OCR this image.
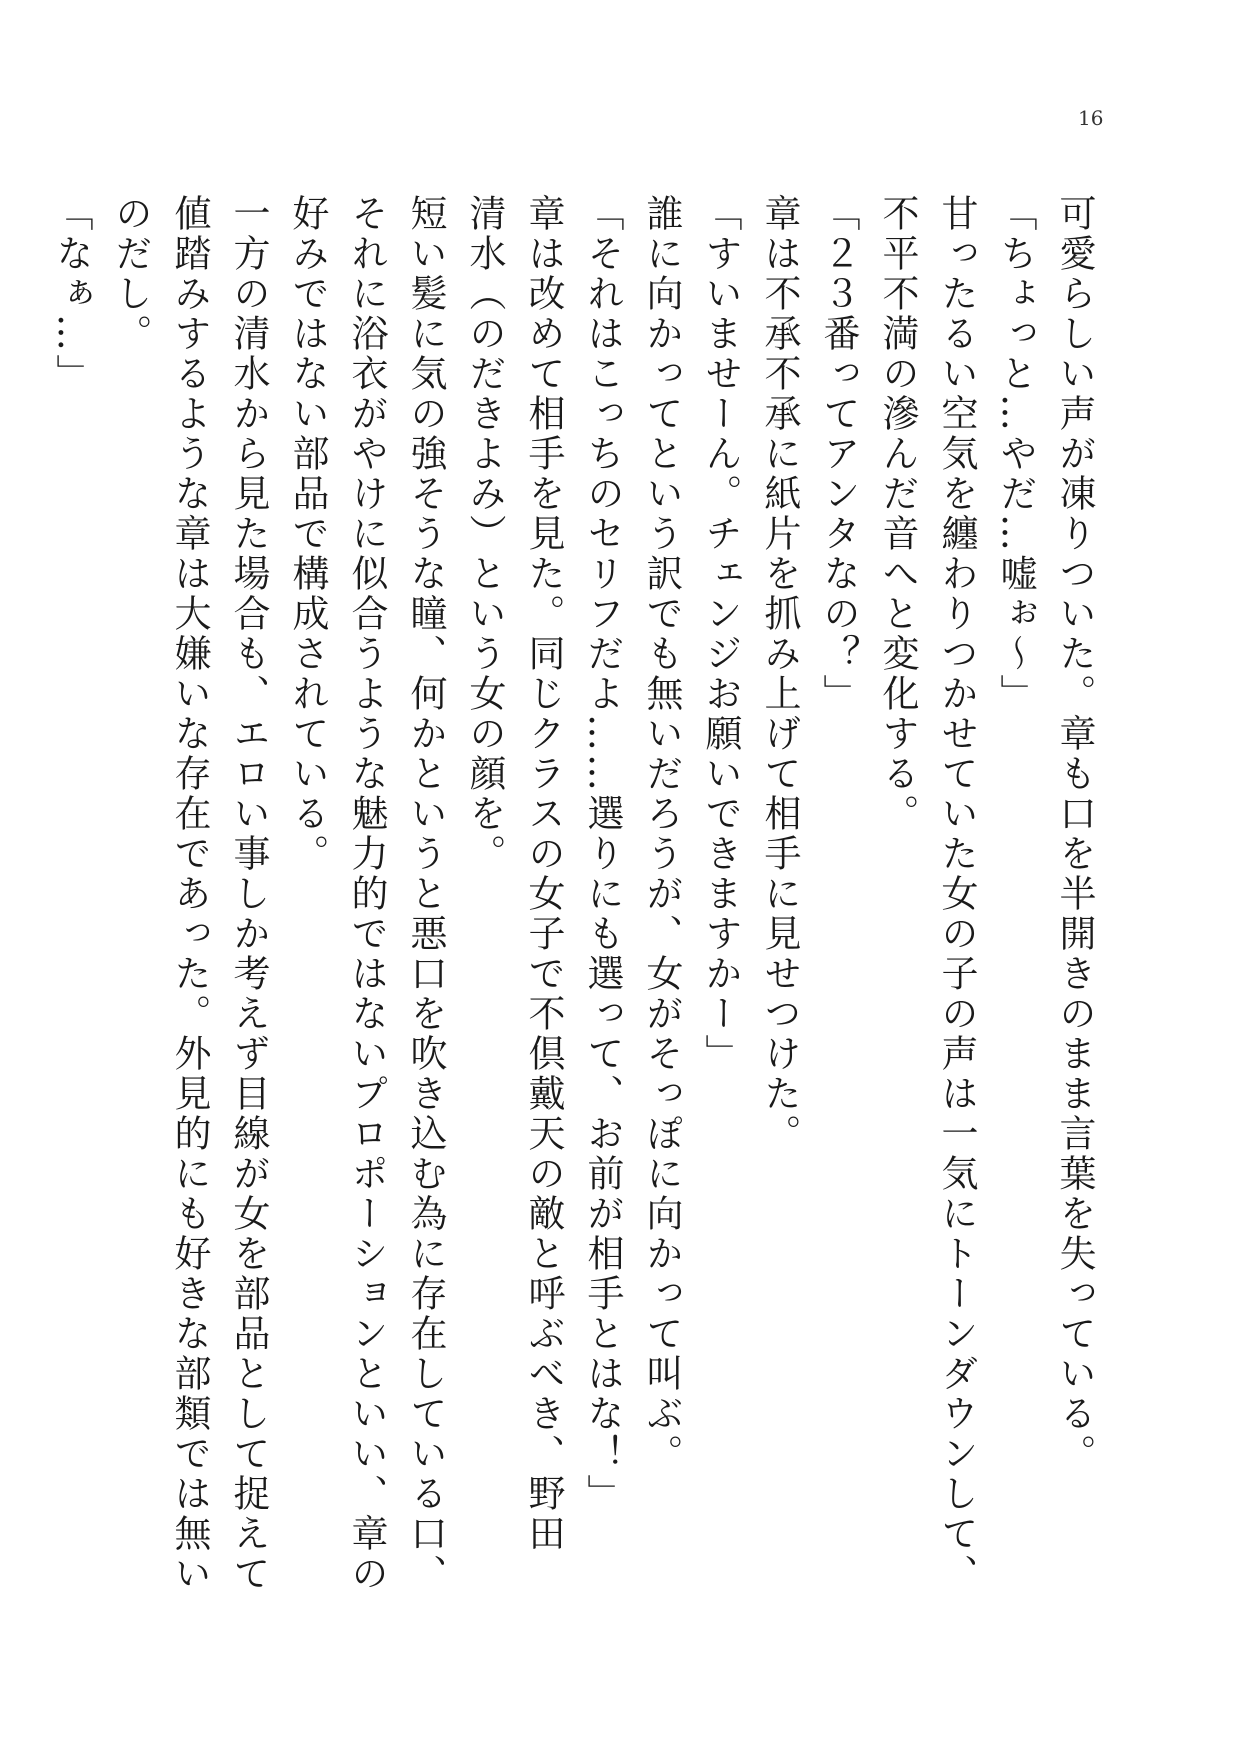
16

可愛らしい声が凍りついた。章も口を半開きのまま言葉を失っている。

「ちょっと…やだ…嘘ぉ〜」

甘ったるい空気を纏わりつかせていた女の子の声は一気にトーンダウンして、不平不満の滲んだ音へと変化する。

「２３番ってアンタなの？」

章は不承不承に紙片を抓み上げて相手に見せつけた。

「すいませーん。チェンジお願いできますかー」

誰に向かってという訳でも無いだろうが、女がそっぽに向かって叫ぶ。

「それはこっちのセリフだよ……選りにも選って、お前が相手とはな！」

章は改めて相手を見た。同じクラスの女子で不倶戴天の敵と呼ぶべき、野田　清水（のだきよみ）という女の顔を。

短い髪に気の強そうな瞳、何かというと悪口を吹き込む為に存在している口、それに浴衣がやけに似合うような魅力的ではないプロポーションといい、章の好みではない部品で構成されている。

一方の清水から見た場合も、エロい事しか考えず目線が女を部品として捉えて値踏みするような章は大嫌いな存在であった。外見的にも好きな部類では無いのだし。

「なぁ…」
